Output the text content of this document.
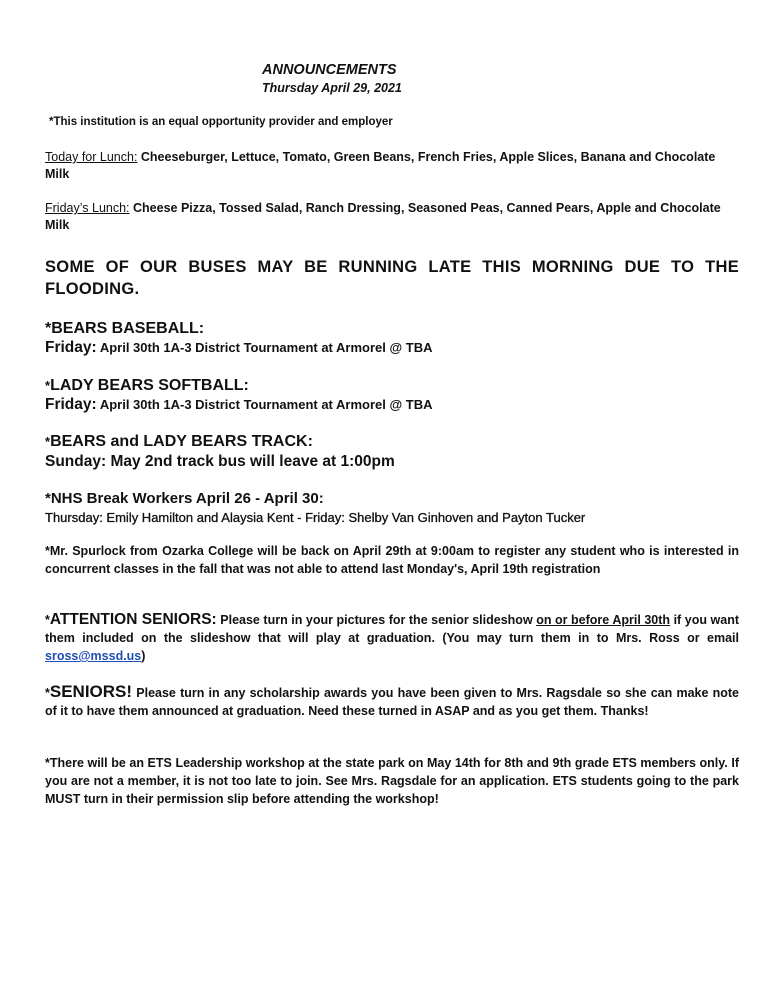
ANNOUNCEMENTS
Thursday April 29, 2021
*This institution is an equal opportunity provider and employer
Today for Lunch: Cheeseburger, Lettuce, Tomato, Green Beans, French Fries, Apple Slices, Banana and Chocolate Milk
Friday’s Lunch: Cheese Pizza, Tossed Salad, Ranch Dressing, Seasoned Peas, Canned Pears, Apple and Chocolate Milk
SOME OF OUR BUSES MAY BE RUNNING LATE THIS MORNING DUE TO THE FLOODING.
*BEARS BASEBALL:
Friday: April 30th 1A-3 District Tournament at Armorel @ TBA
*LADY BEARS SOFTBALL:
Friday: April 30th 1A-3 District Tournament at Armorel @ TBA
*BEARS and LADY BEARS TRACK:
Sunday: May 2nd track bus will leave at 1:00pm
*NHS Break Workers April 26 - April 30:
Thursday: Emily Hamilton and Alaysia Kent - Friday: Shelby Van Ginhoven and Payton Tucker
*Mr. Spurlock from Ozarka College will be back on April 29th at 9:00am to register any student who is interested in concurrent classes in the fall that was not able to attend last Monday's, April 19th registration
*ATTENTION SENIORS: Please turn in your pictures for the senior slideshow on or before April 30th if you want them included on the slideshow that will play at graduation. (You may turn them in to Mrs. Ross or email sross@mssd.us)
*SENIORS! Please turn in any scholarship awards you have been given to Mrs. Ragsdale so she can make note of it to have them announced at graduation. Need these turned in ASAP and as you get them. Thanks!
*There will be an ETS Leadership workshop at the state park on May 14th for 8th and 9th grade ETS members only. If you are not a member, it is not too late to join. See Mrs. Ragsdale for an application. ETS students going to the park MUST turn in their permission slip before attending the workshop!
